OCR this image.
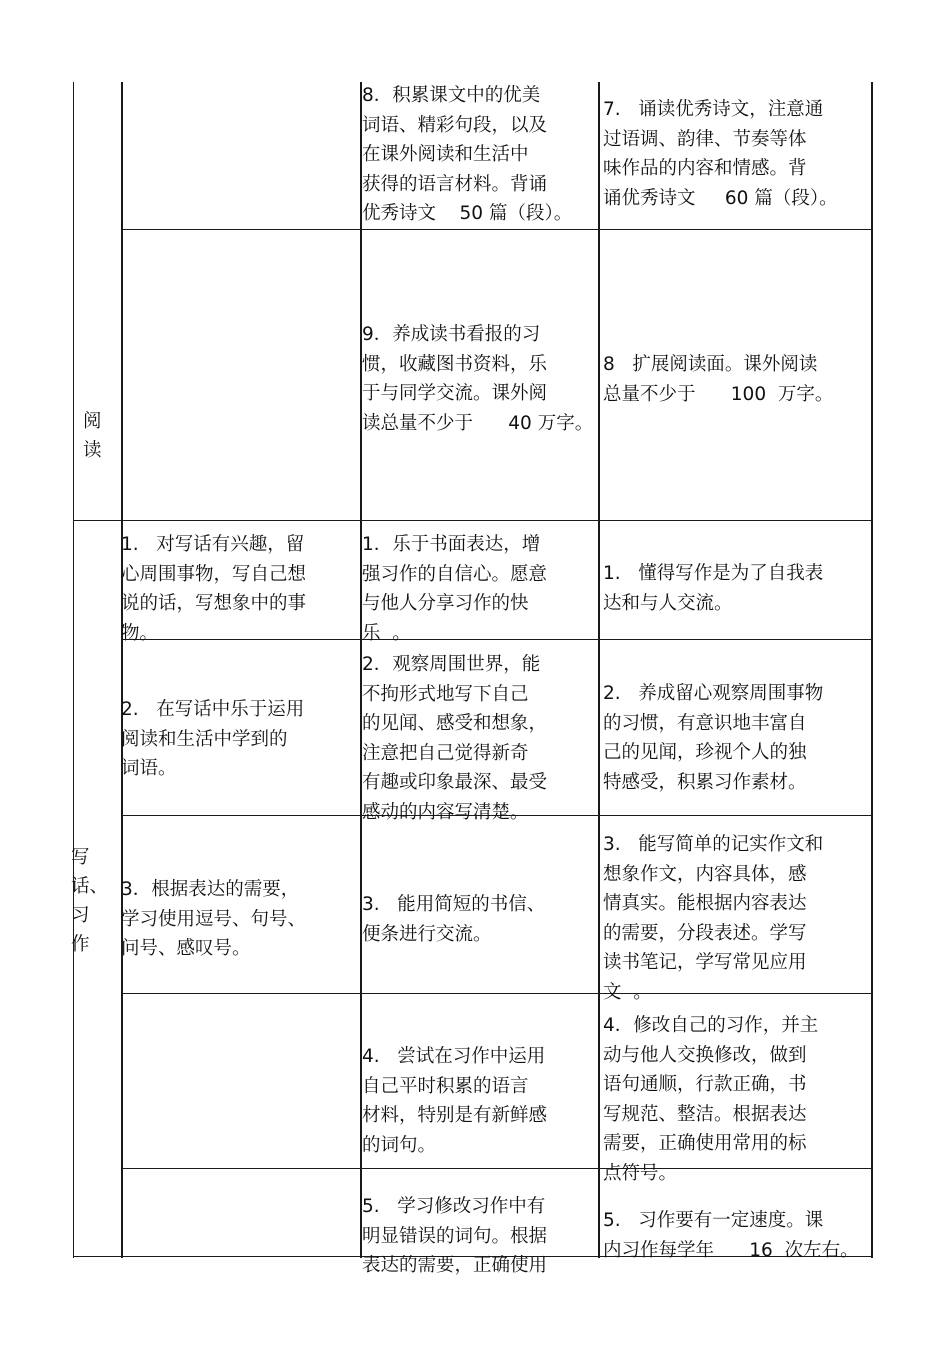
阅
读
写
话、
习
作
8．积累课文中的优美
词语、精彩句段，以及
在课外阅读和生活中
获得的语言材料。背诵
优秀诗文    50 篇（段）。
7.   诵读优秀诗文，注意通
过语调、韵律、节奏等体
味作品的内容和情感。背
诵优秀诗文     60 篇（段）。
9．养成读书看报的习
惯，收藏图书资料，乐
于与同学交流。课外阅
读总量不少于      40 万字。
8   扩展阅读面。课外阅读
总量不少于      100  万字。
1.   对写话有兴趣，留
心周围事物，写自己想
说的话，写想象中的事
物。
1．乐于书面表达，增
强习作的自信心。愿意
与他人分享习作的快
乐  。
1.   懂得写作是为了自我表
达和与人交流。
2.   在写话中乐于运用
阅读和生活中学到的
词语。
2．观察周围世界，能
不拘形式地写下自己
的见闻、感受和想象，
注意把自己觉得新奇
有趣或印象最深、最受
感动的内容写清楚。
2.   养成留心观察周围事物
的习惯，有意识地丰富自
己的见闻，珍视个人的独
特感受，积累习作素材。
3．根据表达的需要，
学习使用逗号、句号、
问号、感叹号。
3.   能用简短的书信、
便条进行交流。
3.   能写简单的记实作文和
想象作文，内容具体，感
情真实。能根据内容表达
的需要，分段表述。学写
读书笔记，学写常见应用
文  。
4.   尝试在习作中运用
自己平时积累的语言
材料，特别是有新鲜感
的词句。
4．修改自己的习作，并主
动与他人交换修改，做到
语句通顺，行款正确，书
写规范、整洁。根据表达
需要，正确使用常用的标
点符号。
5.   学习修改习作中有
明显错误的词句。根据
表达的需要，正确使用
5.   习作要有一定速度。课
内习作每学年      16  次左右。
